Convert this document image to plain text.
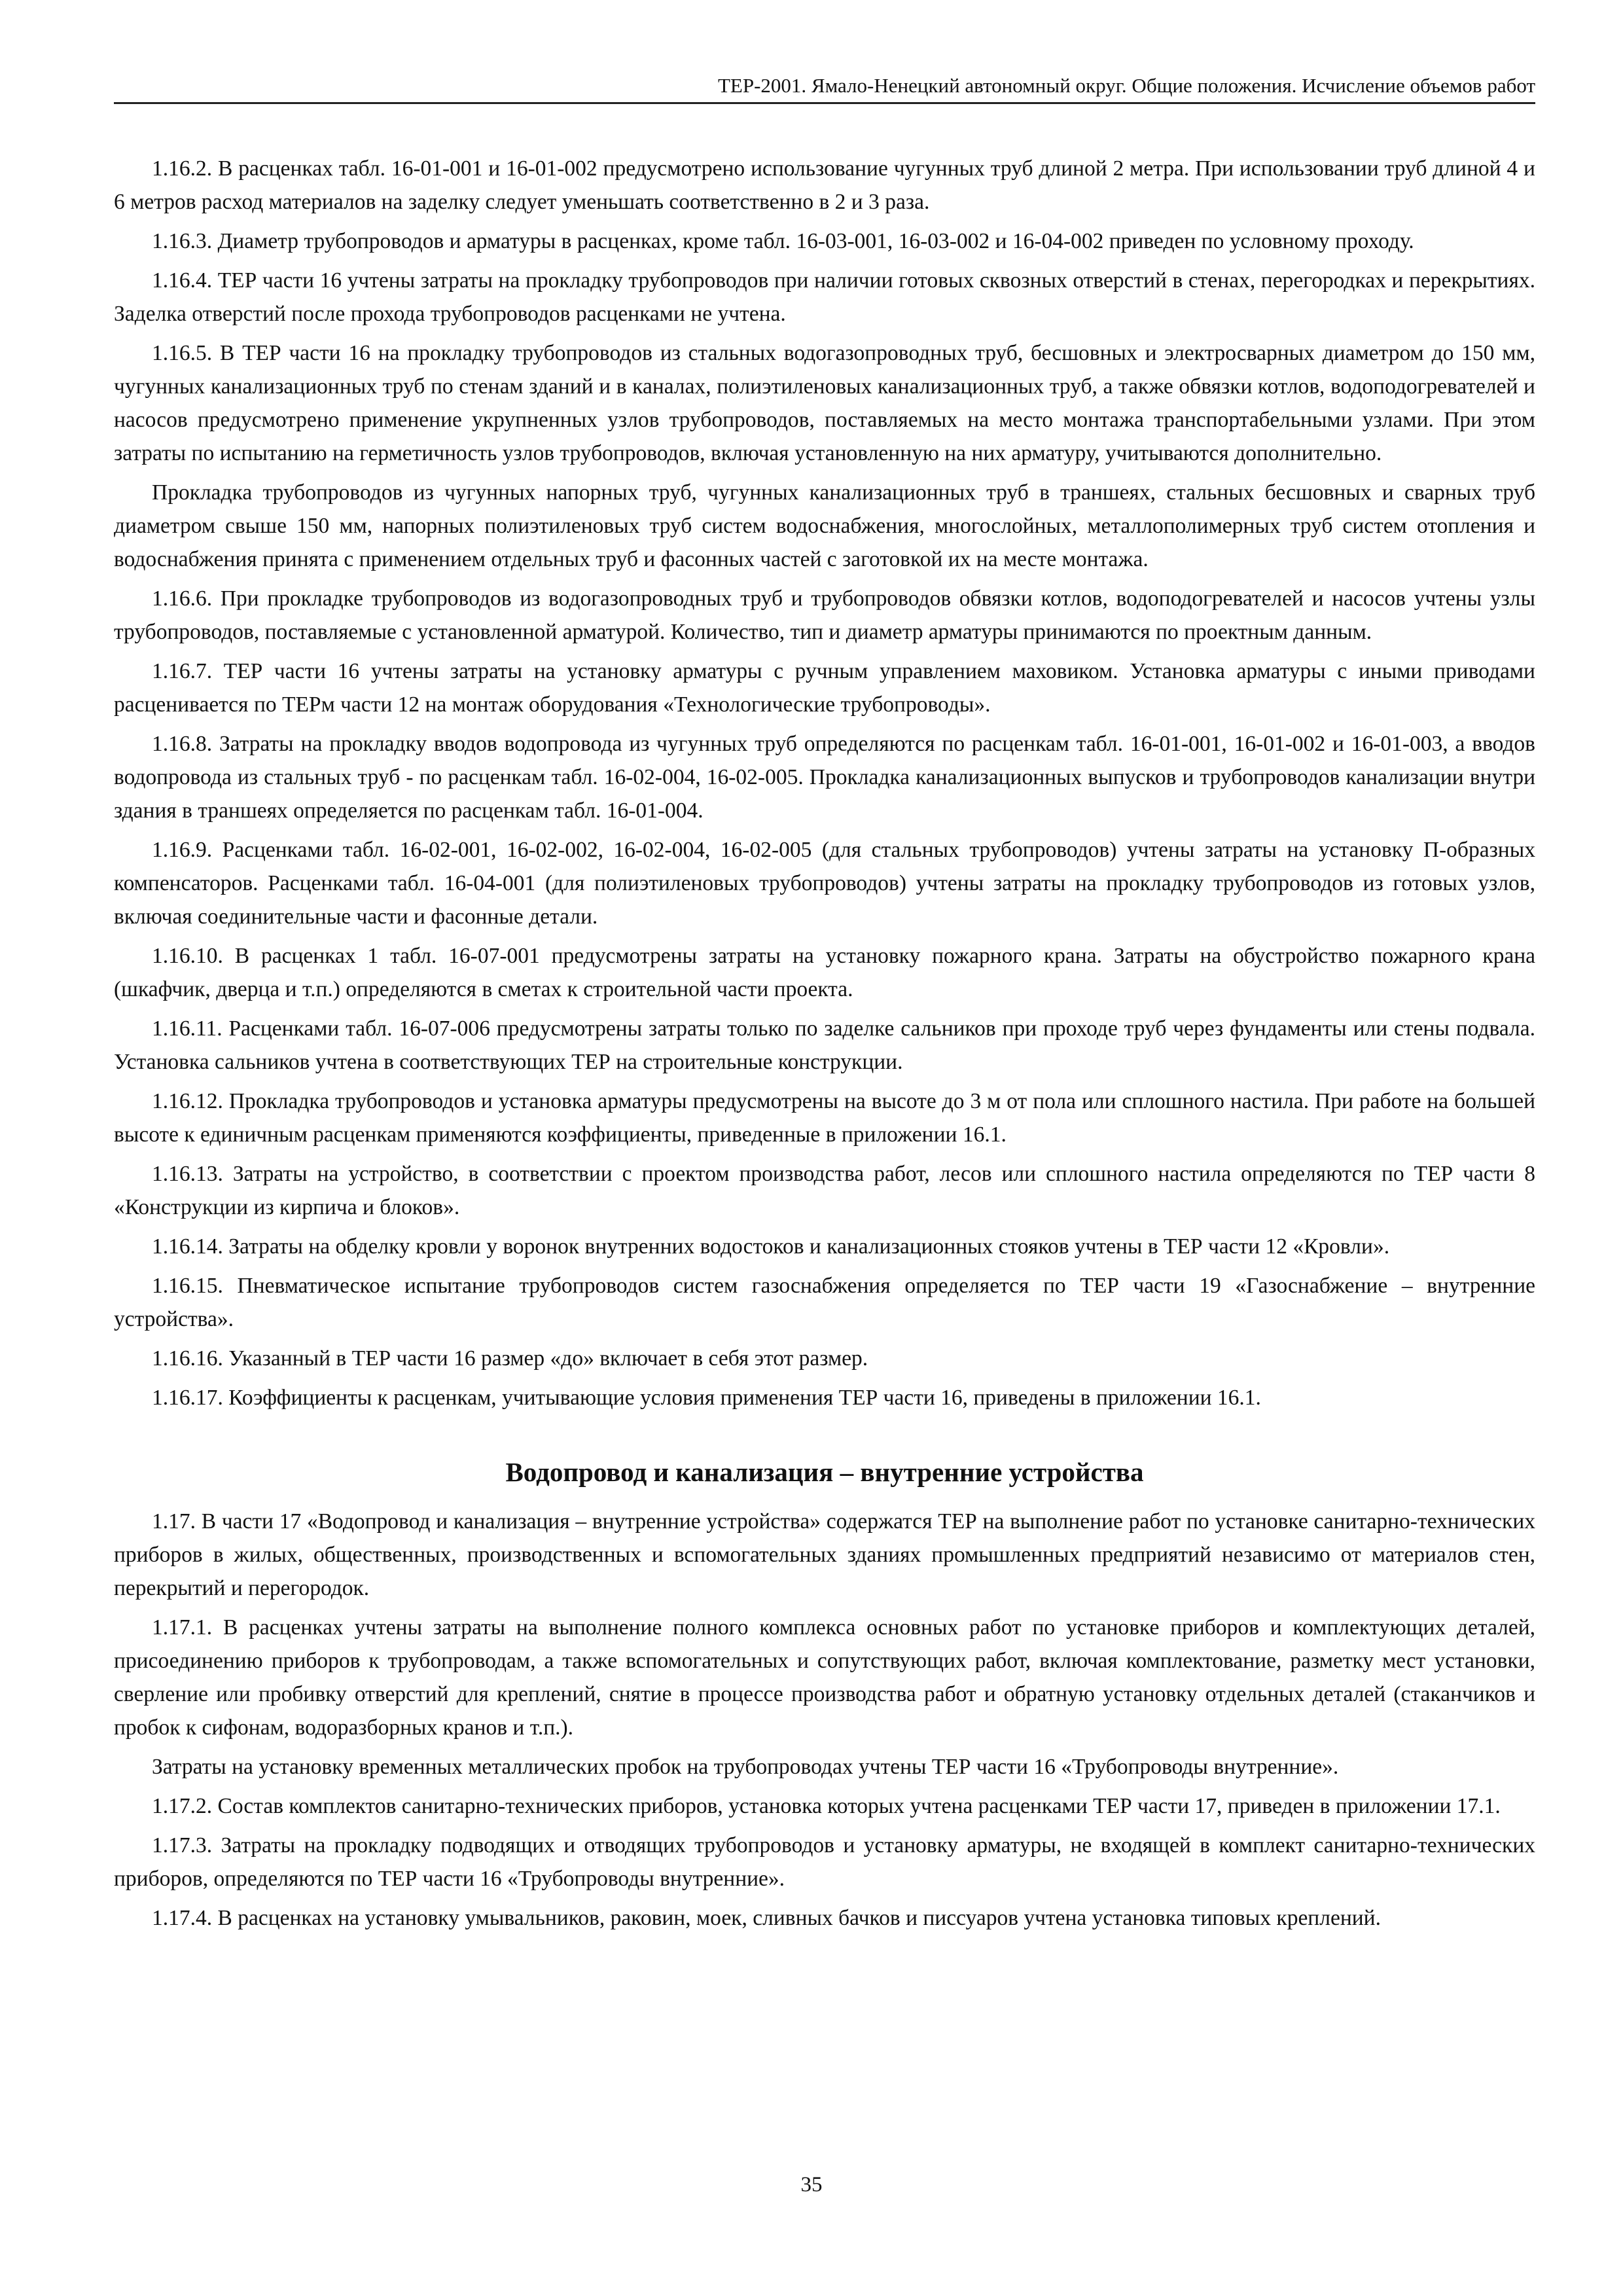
ТЕР-2001. Ямало-Ненецкий автономный округ. Общие положения. Исчисление объемов работ

1.16.2. В расценках табл. 16-01-001 и 16-01-002 предусмотрено использование чугунных труб длиной 2 метра. При использовании труб длиной 4 и 6 метров расход материалов на заделку следует уменьшать соответственно в 2 и 3 раза.

1.16.3. Диаметр трубопроводов и арматуры в расценках, кроме табл. 16-03-001, 16-03-002 и 16-04-002 приведен по условному проходу.

1.16.4. ТЕР части 16 учтены затраты на прокладку трубопроводов при наличии готовых сквозных отверстий в стенах, перегородках и перекрытиях. Заделка отверстий после прохода трубопроводов расценками не учтена.

1.16.5. В ТЕР части 16 на прокладку трубопроводов из стальных водогазопроводных труб, бесшовных и электросварных диаметром до 150 мм, чугунных канализационных труб по стенам зданий и в каналах, полиэтиленовых канализационных труб, а также обвязки котлов, водоподогревателей и насосов предусмотрено применение укрупненных узлов трубопроводов, поставляемых на место монтажа транспортабельными узлами. При этом затраты по испытанию на герметичность узлов трубопроводов, включая установленную на них арматуру, учитываются дополнительно.

Прокладка трубопроводов из чугунных напорных труб, чугунных канализационных труб в траншеях, стальных бесшовных и сварных труб диаметром свыше 150 мм, напорных полиэтиленовых труб систем водоснабжения, многослойных, металлополимерных труб систем отопления и водоснабжения принята с применением отдельных труб и фасонных частей с заготовкой их на месте монтажа.

1.16.6. При прокладке трубопроводов из водогазопроводных труб и трубопроводов обвязки котлов, водоподогревателей и насосов учтены узлы трубопроводов, поставляемые с установленной арматурой. Количество, тип и диаметр арматуры принимаются по проектным данным.

1.16.7. ТЕР части 16 учтены затраты на установку арматуры с ручным управлением маховиком. Установка арматуры с иными приводами расценивается по ТЕРм части 12 на монтаж оборудования «Технологические трубопроводы».

1.16.8. Затраты на прокладку вводов водопровода из чугунных труб определяются по расценкам табл. 16-01-001, 16-01-002 и 16-01-003, а вводов водопровода из стальных труб - по расценкам табл. 16-02-004, 16-02-005. Прокладка канализационных выпусков и трубопроводов канализации внутри здания в траншеях определяется по расценкам табл. 16-01-004.

1.16.9. Расценками табл. 16-02-001, 16-02-002, 16-02-004, 16-02-005 (для стальных трубопроводов) учтены затраты на установку П-образных компенсаторов. Расценками табл. 16-04-001 (для полиэтиленовых трубопроводов) учтены затраты на прокладку трубопроводов из готовых узлов, включая соединительные части и фасонные детали.

1.16.10. В расценках 1 табл. 16-07-001 предусмотрены затраты на установку пожарного крана. Затраты на обустройство пожарного крана (шкафчик, дверца и т.п.) определяются в сметах к строительной части проекта.

1.16.11. Расценками табл. 16-07-006 предусмотрены затраты только по заделке сальников при проходе труб через фундаменты или стены подвала. Установка сальников учтена в соответствующих ТЕР на строительные конструкции.

1.16.12. Прокладка трубопроводов и установка арматуры предусмотрены на высоте до 3 м от пола или сплошного настила. При работе на большей высоте к единичным расценкам применяются коэффициенты, приведенные в приложении 16.1.

1.16.13. Затраты на устройство, в соответствии с проектом производства работ, лесов или сплошного настила определяются по ТЕР части 8 «Конструкции из кирпича и блоков».

1.16.14. Затраты на обделку кровли у воронок внутренних водостоков и канализационных стояков учтены в ТЕР части 12 «Кровли».

1.16.15. Пневматическое испытание трубопроводов систем газоснабжения определяется по ТЕР части 19 «Газоснабжение – внутренние устройства».

1.16.16. Указанный в ТЕР части 16 размер «до» включает в себя этот размер.

1.16.17. Коэффициенты к расценкам, учитывающие условия применения ТЕР части 16, приведены в приложении 16.1.

Водопровод и канализация – внутренние устройства

1.17. В части 17 «Водопровод и канализация – внутренние устройства» содержатся ТЕР на выполнение работ по установке санитарно-технических приборов в жилых, общественных, производственных и вспомогательных зданиях промышленных предприятий независимо от материалов стен, перекрытий и перегородок.

1.17.1. В расценках учтены затраты на выполнение полного комплекса основных работ по установке приборов и комплектующих деталей, присоединению приборов к трубопроводам, а также вспомогательных и сопутствующих работ, включая комплектование, разметку мест установки, сверление или пробивку отверстий для креплений, снятие в процессе производства работ и обратную установку отдельных деталей (стаканчиков и пробок к сифонам, водоразборных кранов и т.п.).

Затраты на установку временных металлических пробок на трубопроводах учтены ТЕР части 16 «Трубопроводы внутренние».

1.17.2. Состав комплектов санитарно-технических приборов, установка которых учтена расценками ТЕР части 17, приведен в приложении 17.1.

1.17.3. Затраты на прокладку подводящих и отводящих трубопроводов и установку арматуры, не входящей в комплект санитарно-технических приборов, определяются по ТЕР части 16 «Трубопроводы внутренние».

1.17.4. В расценках на установку умывальников, раковин, моек, сливных бачков и писсуаров учтена установка типовых креплений.

35
